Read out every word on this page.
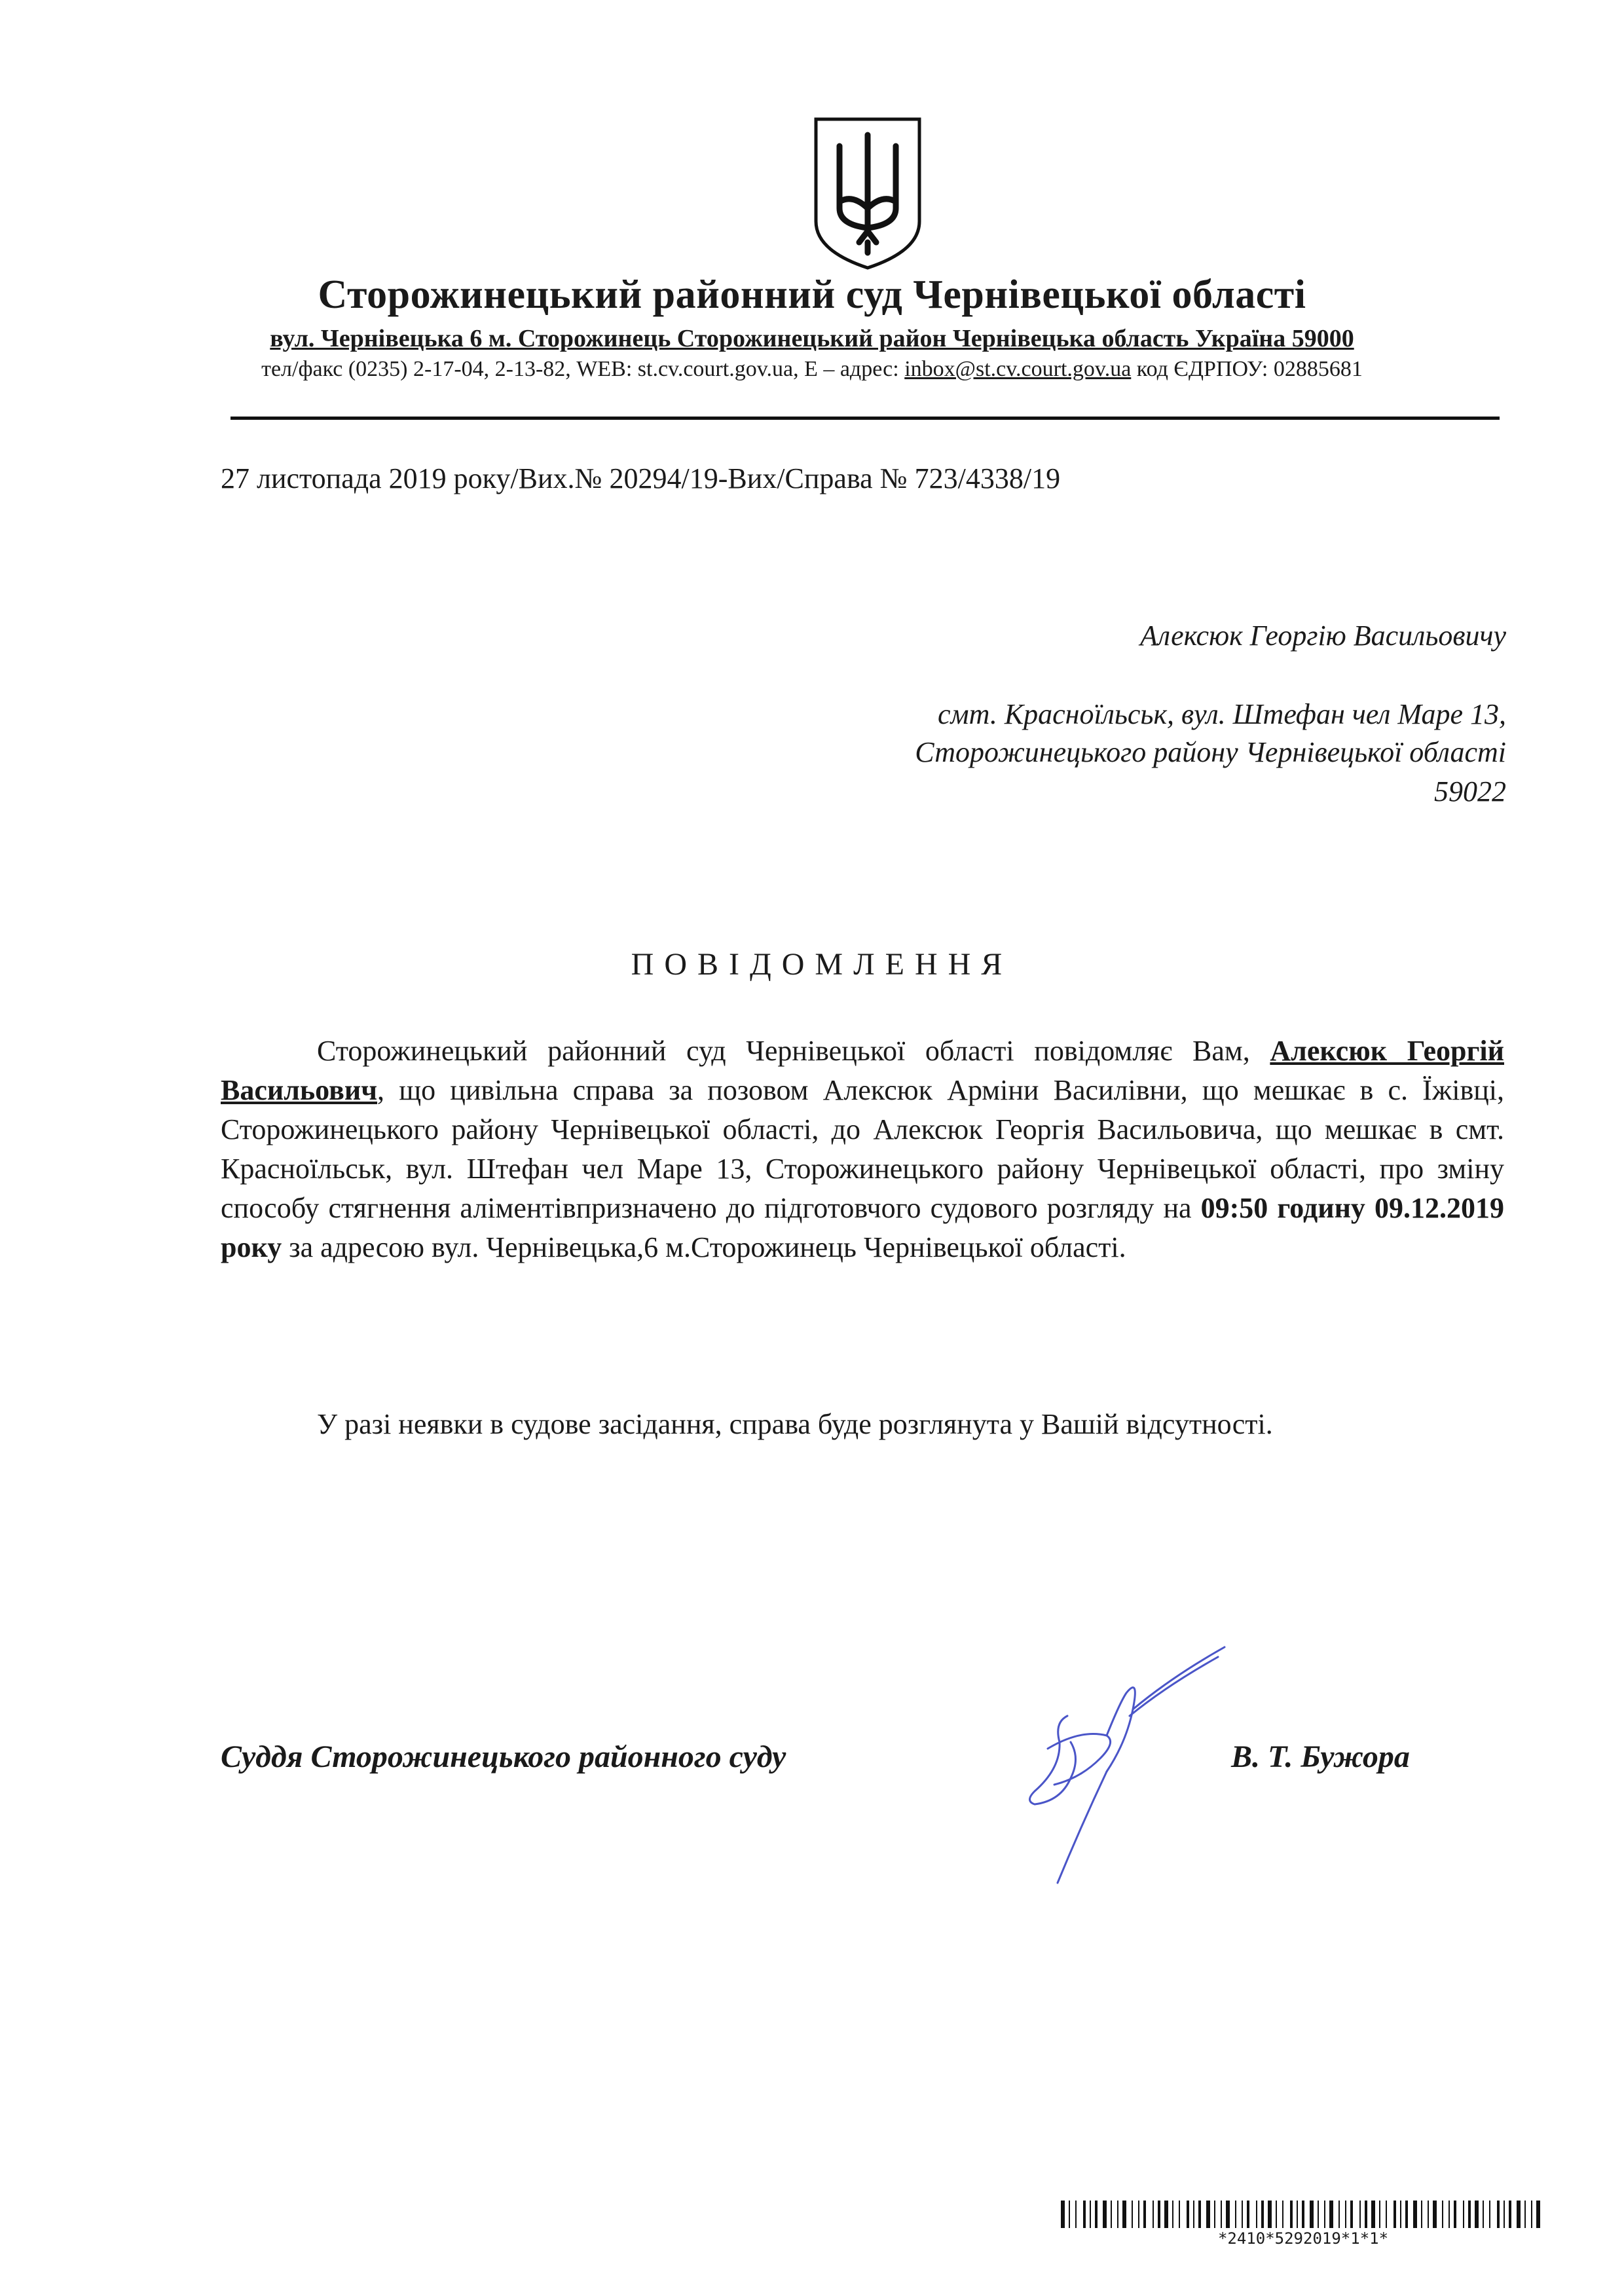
Сторожинецький районний суд Чернівецької області
вул. Чернівецька 6 м. Сторожинець Сторожинецький район Чернівецька область Україна 59000
тел/факс (0235) 2-17-04, 2-13-82, WEB: st.cv.court.gov.ua, E – адрес: inbox@st.cv.court.gov.ua код ЄДРПОУ: 02885681
27 листопада 2019 року/Вих.№ 20294/19-Вих/Справа № 723/4338/19
Алексюк Георгію Васильовичу
смт. Красноїльськ, вул. Штефан чел Маре 13,
Сторожинецького району Чернівецької області
59022
ПОВІДОМЛЕННЯ

Сторожинецький районний суд Чернівецької області повідомляє Вам, Алексюк Георгій Васильович, що цивільна справа за позовом Алексюк Арміни Василівни, що мешкає в с. Їжівці, Сторожинецького району Чернівецької області, до Алексюк Георгія Васильовича, що мешкає в смт. Красноїльськ, вул. Штефан чел Маре 13, Сторожинецького району Чернівецької області, про зміну способу стягнення аліментівпризначено до підготовчого судового розгляду на 09:50 годину 09.12.2019 року за адресою вул. Чернівецька,6 м.Сторожинець Чернівецької області.

У разі неявки в судове засідання, справа буде розглянута у Вашій відсутності.

Суддя Сторожинецького районного суду	В. Т. Бужора
*2410*5292019*1*1*
